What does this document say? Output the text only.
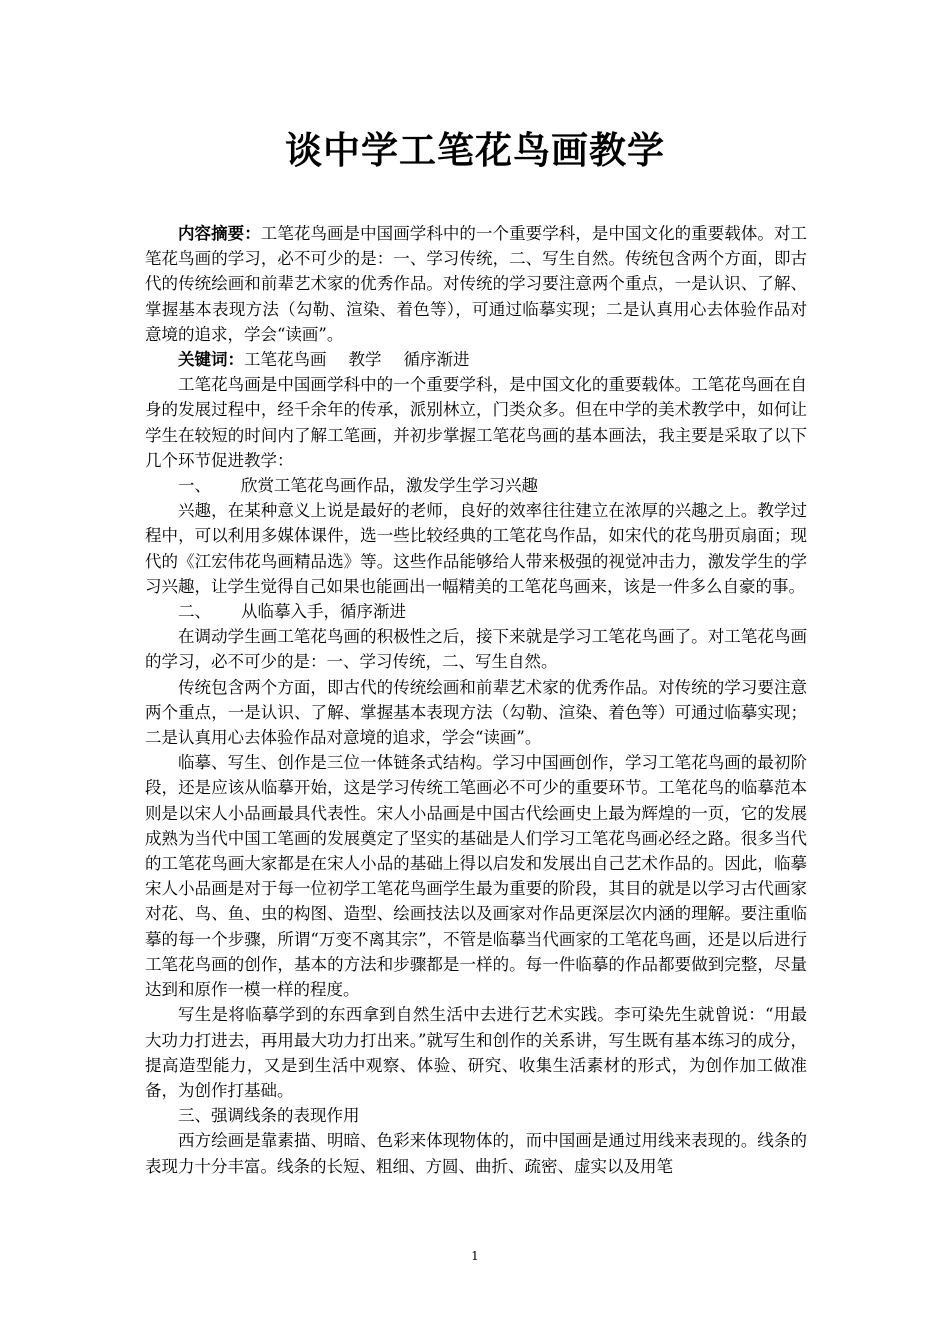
谈中学工笔花鸟画教学

内容摘要：工笔花鸟画是中国画学科中的一个重要学科，是中国文化的重要载体。对工笔花鸟画的学习，必不可少的是：一、学习传统，二、写生自然。传统包含两个方面，即古代的传统绘画和前辈艺术家的优秀作品。对传统的学习要注意两个重点，一是认识、了解、掌握基本表现方法（勾勒、渲染、着色等），可通过临摹实现；二是认真用心去体验作品对意境的追求，学会“读画”。

关键词：工笔花鸟画 教学 循序渐进

工笔花鸟画是中国画学科中的一个重要学科，是中国文化的重要载体。工笔花鸟画在自身的发展过程中，经千余年的传承，派别林立，门类众多。但在中学的美术教学中，如何让学生在较短的时间内了解工笔画，并初步掌握工笔花鸟画的基本画法，我主要是采取了以下几个环节促进教学：

一、 欣赏工笔花鸟画作品，激发学生学习兴趣

兴趣，在某种意义上说是最好的老师，良好的效率往往建立在浓厚的兴趣之上。教学过程中，可以利用多媒体课件，选一些比较经典的工笔花鸟作品，如宋代的花鸟册页扇面；现代的《江宏伟花鸟画精品选》等。这些作品能够给人带来极强的视觉冲击力，激发学生的学习兴趣，让学生觉得自己如果也能画出一幅精美的工笔花鸟画来，该是一件多么自豪的事。

二、 从临摹入手，循序渐进

在调动学生画工笔花鸟画的积极性之后，接下来就是学习工笔花鸟画了。对工笔花鸟画的学习，必不可少的是：一、学习传统，二、写生自然。

传统包含两个方面，即古代的传统绘画和前辈艺术家的优秀作品。对传统的学习要注意两个重点，一是认识、了解、掌握基本表现方法（勾勒、渲染、着色等）可通过临摹实现；二是认真用心去体验作品对意境的追求，学会“读画”。

临摹、写生、创作是三位一体链条式结构。学习中国画创作，学习工笔花鸟画的最初阶段，还是应该从临摹开始，这是学习传统工笔画必不可少的重要环节。工笔花鸟的临摹范本则是以宋人小品画最具代表性。宋人小品画是中国古代绘画史上最为辉煌的一页，它的发展成熟为当代中国工笔画的发展奠定了坚实的基础是人们学习工笔花鸟画必经之路。很多当代的工笔花鸟画大家都是在宋人小品的基础上得以启发和发展出自己艺术作品的。因此，临摹宋人小品画是对于每一位初学工笔花鸟画学生最为重要的阶段，其目的就是以学习古代画家对花、鸟、鱼、虫的构图、造型、绘画技法以及画家对作品更深层次内涵的理解。要注重临摹的每一个步骤，所谓“万变不离其宗”，不管是临摹当代画家的工笔花鸟画，还是以后进行工笔花鸟画的创作，基本的方法和步骤都是一样的。每一件临摹的作品都要做到完整，尽量达到和原作一模一样的程度。

写生是将临摹学到的东西拿到自然生活中去进行艺术实践。李可染先生就曾说：“用最大功力打进去，再用最大功力打出来。”就写生和创作的关系讲，写生既有基本练习的成分，提高造型能力，又是到生活中观察、体验、研究、收集生活素材的形式，为创作加工做准备，为创作打基础。

三、强调线条的表现作用

西方绘画是靠素描、明暗、色彩来体现物体的，而中国画是通过用线来表现的。线条的表现力十分丰富。线条的长短、粗细、方圆、曲折、疏密、虚实以及用笔

1
